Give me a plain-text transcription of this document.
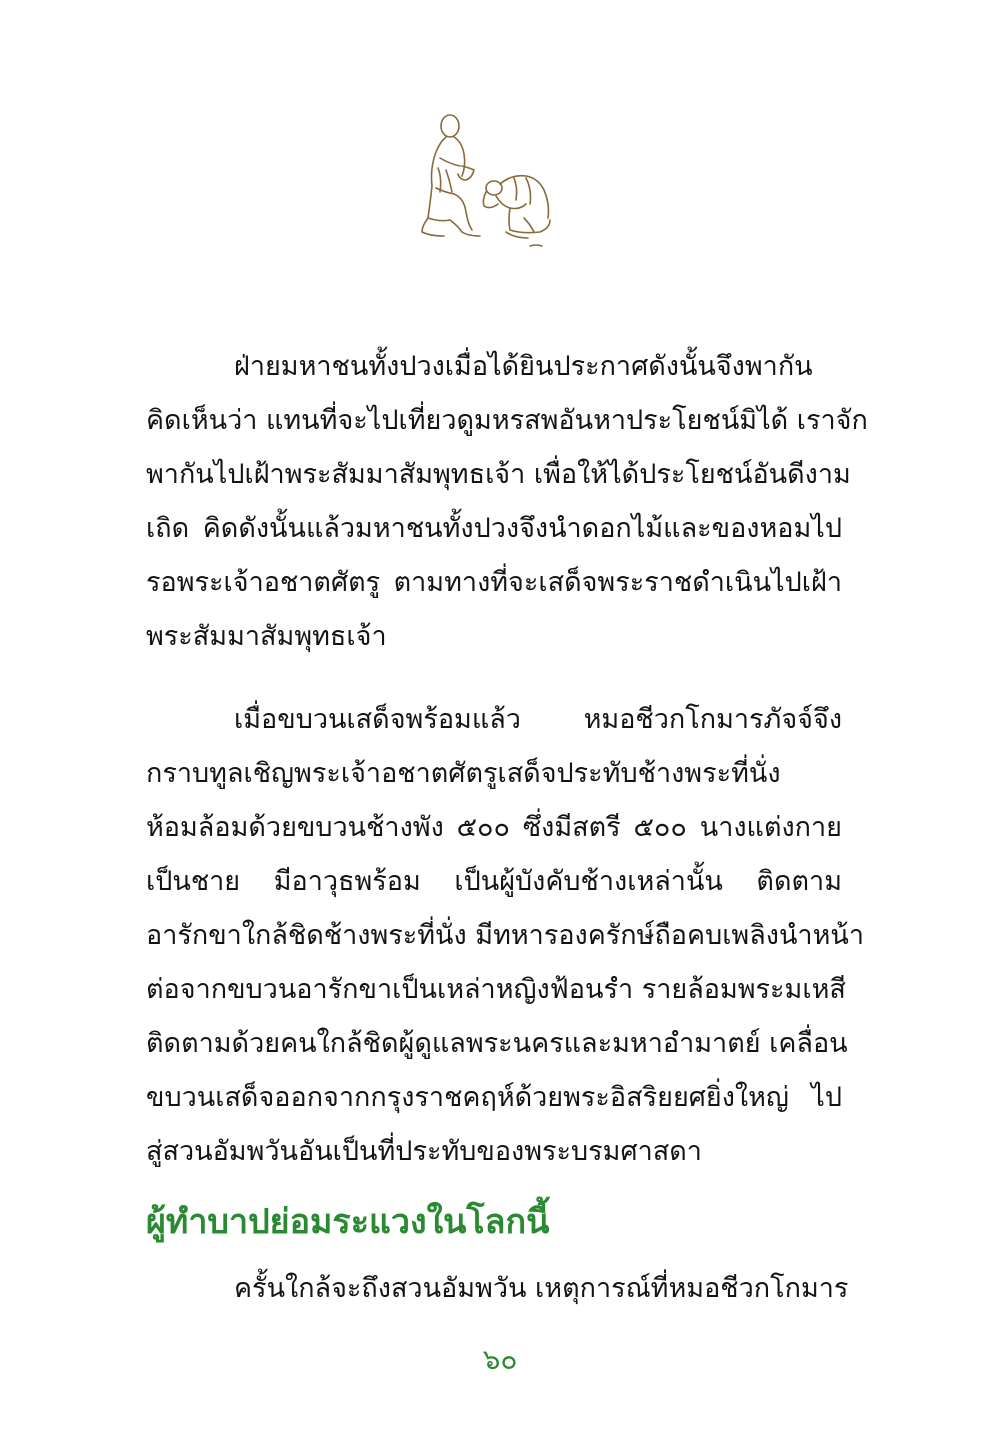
ฝ่ายมหาชนทั้งปวงเมื่อได้ยินประกาศดังนั้นจึงพากัน
คิดเห็นว่า แทนที่จะไปเที่ยวดูมหรสพอันหาประโยชน์มิได้ เราจัก
พากันไปเฝ้าพระสัมมาสัมพุทธเจ้า เพื่อให้ได้ประโยชน์อันดีงาม
เถิด คิดดังนั้นแล้วมหาชนทั้งปวงจึงนำดอกไม้และของหอมไป
รอพระเจ้าอชาตศัตรู ตามทางที่จะเสด็จพระราชดำเนินไปเฝ้า
พระสัมมาสัมพุทธเจ้า
เมื่อขบวนเสด็จพร้อมแล้ว หมอชีวกโกมารภัจจ์จึง
กราบทูลเชิญพระเจ้าอชาตศัตรูเสด็จประทับช้างพระที่นั่ง
ห้อมล้อมด้วยขบวนช้างพัง ๕๐๐ ซึ่งมีสตรี ๕๐๐ นางแต่งกาย
เป็นชาย มีอาวุธพร้อม เป็นผู้บังคับช้างเหล่านั้น ติดตาม
อารักขาใกล้ชิดช้างพระที่นั่ง มีทหารองครักษ์ถือคบเพลิงนำหน้า
ต่อจากขบวนอารักขาเป็นเหล่าหญิงฟ้อนรำ รายล้อมพระมเหสี
ติดตามด้วยคนใกล้ชิดผู้ดูแลพระนครและมหาอำมาตย์ เคลื่อน
ขบวนเสด็จออกจากกรุงราชคฤห์ด้วยพระอิสริยยศยิ่งใหญ่ ไป
สู่สวนอัมพวันอันเป็นที่ประทับของพระบรมศาสดา
ผู้ทำบาปย่อมระแวงในโลกนี้
ครั้นใกล้จะถึงสวนอัมพวัน เหตุการณ์ที่หมอชีวกโกมาร
๖๐
